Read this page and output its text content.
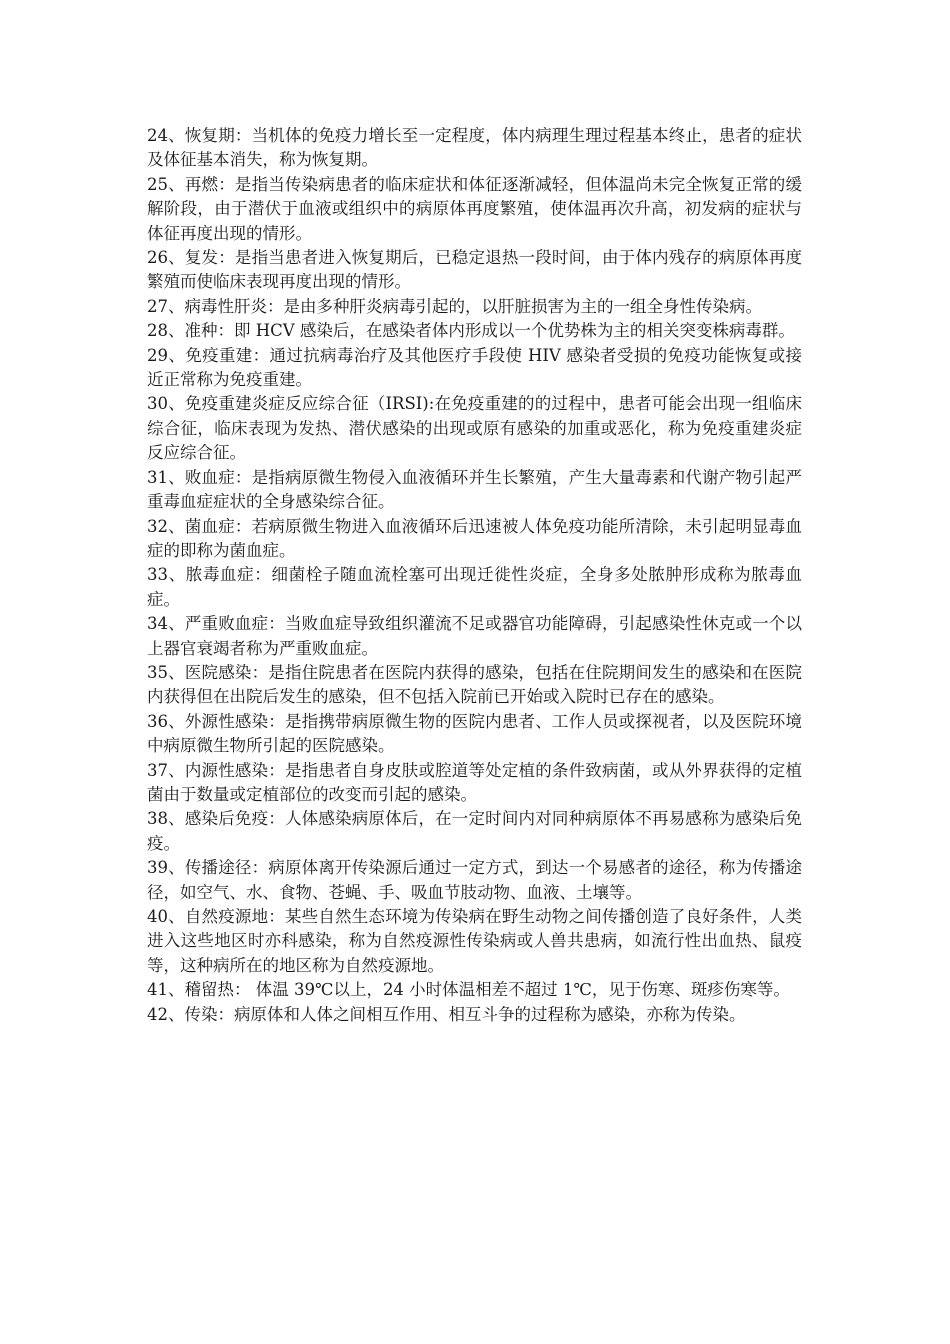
24、恢复期：当机体的免疫力增长至一定程度，体内病理生理过程基本终止，患者的症状及体征基本消失，称为恢复期。

25、再燃：是指当传染病患者的临床症状和体征逐渐减轻，但体温尚未完全恢复正常的缓解阶段，由于潜伏于血液或组织中的病原体再度繁殖，使体温再次升高，初发病的症状与体征再度出现的情形。

26、复发：是指当患者进入恢复期后，已稳定退热一段时间，由于体内残存的病原体再度繁殖而使临床表现再度出现的情形。

27、病毒性肝炎：是由多种肝炎病毒引起的，以肝脏损害为主的一组全身性传染病。

28、准种：即 HCV 感染后，在感染者体内形成以一个优势株为主的相关突变株病毒群。

29、免疫重建：通过抗病毒治疗及其他医疗手段使 HIV 感染者受损的免疫功能恢复或接近正常称为免疫重建。

30、免疫重建炎症反应综合征（IRSI):在免疫重建的的过程中，患者可能会出现一组临床综合征，临床表现为发热、潜伏感染的出现或原有感染的加重或恶化，称为免疫重建炎症反应综合征。

31、败血症：是指病原微生物侵入血液循环并生长繁殖，产生大量毒素和代谢产物引起严重毒血症症状的全身感染综合征。

32、菌血症：若病原微生物进入血液循环后迅速被人体免疫功能所清除，未引起明显毒血症的即称为菌血症。

33、脓毒血症：细菌栓子随血流栓塞可出现迁徙性炎症，全身多处脓肿形成称为脓毒血症。

34、严重败血症：当败血症导致组织灌流不足或器官功能障碍，引起感染性休克或一个以上器官衰竭者称为严重败血症。

35、医院感染：是指住院患者在医院内获得的感染，包括在住院期间发生的感染和在医院内获得但在出院后发生的感染，但不包括入院前已开始或入院时已存在的感染。

36、外源性感染：是指携带病原微生物的医院内患者、工作人员或探视者，以及医院环境中病原微生物所引起的医院感染。

37、内源性感染：是指患者自身皮肤或腔道等处定植的条件致病菌，或从外界获得的定植菌由于数量或定植部位的改变而引起的感染。

38、感染后免疫：人体感染病原体后，在一定时间内对同种病原体不再易感称为感染后免疫。

39、传播途径：病原体离开传染源后通过一定方式，到达一个易感者的途径，称为传播途径，如空气、水、食物、苍蝇、手、吸血节肢动物、血液、土壤等。

40、自然疫源地：某些自然生态环境为传染病在野生动物之间传播创造了良好条件，人类进入这些地区时亦科感染，称为自然疫源性传染病或人兽共患病，如流行性出血热、鼠疫等，这种病所在的地区称为自然疫源地。

41、稽留热： 体温 39℃以上，24 小时体温相差不超过 1℃，见于伤寒、斑疹伤寒等。

42、传染：病原体和人体之间相互作用、相互斗争的过程称为感染，亦称为传染。
